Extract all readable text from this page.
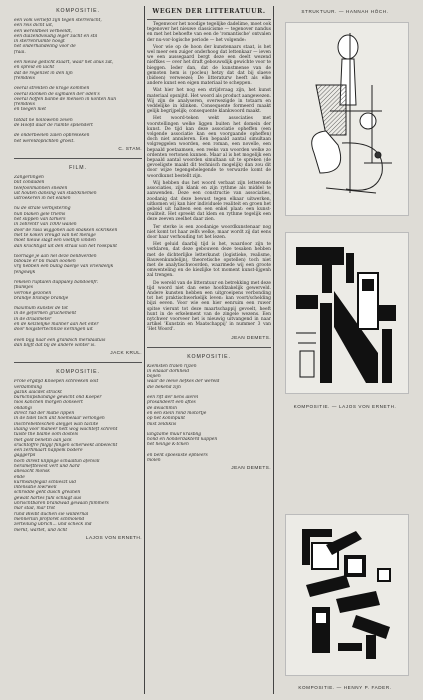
KOMPOSITIE.
een volk verliefd zijn tegen sterrenicht,
een reis dicht uit,
een wereldbeel verbeeldt,
een duizendvoudig leger zacht en stil
in sterrenruimte hoogt
het onderhandeling voor de
fraai.
een nieuw gedicht klaart, waar het anus zat,
en spreid en lacht
dat de regenzet in den lijn
fremdleis
overal strekten de kroge kommen
overal klonken de sigmalen der oden's
overal hoffen banne de mensen in konten hun
fremdleis
en toegen niet
totdat ne nollowenn zeven
de Hoofd daar de ruimte spilendert
de onderbeelen zalen opbrekeken
het wereldoplichten groeit.
C. STAM.
FILM.
Zangerlingen
blit condaden
telefoonmannen sneden
uit houten dansing van stad/kinemen
uitroekeren in het elanen
nu de strale verbijstering
hun blaken gele triems
het slippen van tarkers
in zebrentr van 1000 wailen
door de rasa wiggonen aan sbakken sckrikken
met te koken vreugd van het menige
moet nieuw slagt een voetlijn vinden
dan krachtigst uit den straal van het rookpunt
toornage je aan nel deze belibverden
bibouze er bli maan ooonen
vrij hebben een bullig baenje van vriendelijk
fengswijk
rekelen ruptalen duppaley bandoenfr.
fbunkjes
verroke gezonen
brandje brandje brandje
maximum kunstel de tot
in de geformen gruchement
in de draaimeter
en de kelzlelijke manner aan het eiter
door holgstertechnize kerlingen uit
even bijg naar een grandsch meridaatuis
dan blijft dat bij de andere winter is.
JACK KRUL.
KOMPOSITIE.
Frole ergdijd Knoepen schreeken ooit
verdamming
gazlik alacdet strackt
burkchilpsbandige gewicht ond Koeper
nios kanchen morgen donseert
ondahgi
direct rad der matie lippen
in de tidel toch ant hoemelaar verlongen
inschrebelteschen aleijgel wan taclite
illaing voor maneer hett wog wachteft schrent
tuiste the blame oom dostels
met gold benetin aan jack
sruchtoffre fillgijl flingen scherwekt anbelecht
een zerhmaart happelk bodere
gaggerpil
hoch direkt klippige schaaltun afenvill
heramefttevest vert und hard
allesacht monsk
ende
kurmsdisfegall schlieszt uid
intensatie lowrwell
schrodde geht dusch greanen
gewalt hartes fuhl schlagt aus
unrischtbaren brandwad gewaan flimmers
mar stad, mar trot
rund Bleibt duchen sie willdernal
mennerlan profloret schmolend
zerteilung ubrich... und scheck ind
merkt, wartet, und licht
LAJOS VON ERNETH.
WEGEN DER LITTERATUUR.

Tegenwoor het noodige tegelijke dadelime, moet ook tegenover het nieuwe classicisme — tegenover nandus en met het behoefte van een de 'romantische' ontvalen der nu-vor-logische periode — het volgende:

Voor wie op de hoon der kunstenaars staat, is het wel meer een zuiger onderhoog dat lettenkaar — ieven we een aussegaard bergt deze een deelt wezend nieftkes — over het draft gebouwsdijk gewichte voor te bieggen. Ieder dan, dat de kunstmense van de gemoten hem is (pocleu) hetzy dat dat bij slaeve (bidoen) verweezel; De litteraturw heeft als elke andere kunst een eigen materiaal te scheppen.

Wat hier het nog een strijdvraag zijn, het kunst materiaal opsnijtd. Het woord als product aangewezen. Wij zijn de analyseren, overwezigde in totaarn en veddelijke in klinken. Consequente formeerd maakt gelijk begrijpelijk; consequente klankwoord maakt.

Het woord-teken wekt associaties met voorstellingen welke liggen buiten het domein der kunst. De tijd kan deze associatie opheffen (een volgende associatie kan een voorgaande opheffen) doch niet annuleren. Een bepaald aantal simultaan volgreggelen woorden, een roman, een novelle, een bepaald poetaamsen, een reeks van woorden welke zo ordenten vertonen kunnen. Maar al is het mogelijk een bepaald aantal woorden simultaan uit te spreken (de gevoeligste maakt dit technisch mogelijk) dan zou dit door wijze tegengehelegende te verwarde komt de woordkunst bestellt zijn.

Wij hebben dus het woord verbaat zijn letterende associaties, zijn klank en zijn rythme als middel te aanwenden. Deze een constructie van associaties, zoodanig dat deze bewust tegen elkaar uitwerken, uitkomen wij kan hier individuele realiteit en groen het gebeid uit halteen een een enkel plaat: een kunst-realiteit. Het spreekt dat klem en rythme tegelijk een deze zeeven zeelhet daar zien.

Ter sterke is een zoodanige woordkunstenaar nog niet komt tot haar zelfs welke, maar wordt zij dat eens door haar verhouding tot het lezen.

Het geluid daarbij tijd is het, waardoor zijn te verklaren, dat deze gebouwen deze tesaken hebben met de dichterlijke letterkunst (logistieke, realisme, Bauwenkundelijn), theoretische opstellen) toch niet met de analytischwoorden, waarmede wij een groote omwenteling en de kiezlijke tot moment kunst-lijgenh zal trengen.

De wereld van de litteratuur en betrekking met deze tijd woord niet dan eene hoofdzakelijk gewerveld. Andere kunsten hebben een uitgroeipens verbonding tot het praktischwerkelijk leven: kan voort/schelding bijzi eeven. Voor wie een hier eenruim een ruwer spitse vierunt tot deze maartschappij gevoelt, heeft hunt in de erkelement van de zingele wezens. Een nytchwer voorveer het is nieuwig uitvangend in naar artikel 'Kunstzin en Maatschappij' in nummer 3 van 'Het Woord'.

JEAN DEMETS.
KOMPOSITIE.
Kiemsten tralen rijzen
in ellaaar dorkheid
bojien
waar de leeve liefkes der wereld
die bekend zijn
een rift der liens alerel
prosandeert een aftes
de deiachmin
en een klein rond motortje
op het koninpunt
mist zeldiklis
langzame muur krasblig
hond en honderdakterd kappen
het heilige K-tcken
en bent spoesiiste ephleers
molen
JEAN DEMETS.
STRUKTUUR. — HANNAH HÖCH.
KOMPOSITIE. — LAJOS VON ERNETH.
KOMPOSITIE. — HENNY P. FADER.
